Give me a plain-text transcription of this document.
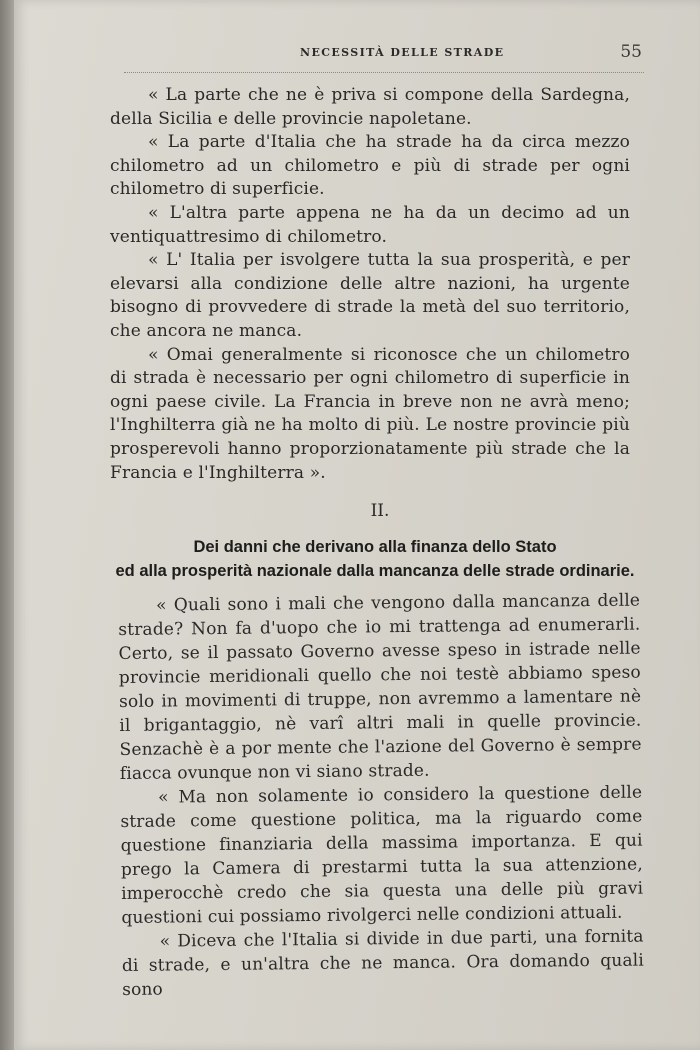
NECESSITÀ DELLE STRADE	55

« La parte che ne è priva si compone della Sardegna, della Sicilia e delle provincie napoletane.

« La parte d'Italia che ha strade ha da circa mezzo chilometro ad un chilometro e più di strade per ogni chilometro di superficie.

« L'altra parte appena ne ha da un decimo ad un ventiquattresimo di chilometro.

« L' Italia per isvolgere tutta la sua prosperità, e per elevarsi alla condizione delle altre nazioni, ha urgente bisogno di provvedere di strade la metà del suo territorio, che ancora ne manca.

« Omai generalmente si riconosce che un chilometro di strada è necessario per ogni chilometro di superficie in ogni paese civile. La Francia in breve non ne avrà meno; l'Inghilterra già ne ha molto di più. Le nostre provincie più prosperevoli hanno proporzionatamente più strade che la Francia e l'Inghilterra ».

II.
Dei danni che derivano alla finanza dello Stato
ed alla prosperità nazionale dalla mancanza delle strade ordinarie.

« Quali sono i mali che vengono dalla mancanza delle strade? Non fa d'uopo che io mi trattenga ad enumerarli. Certo, se il passato Governo avesse speso in istrade nelle provincie meridionali quello che noi testè abbiamo speso solo in movimenti di truppe, non avremmo a lamentare nè il brigantaggio, nè varî altri mali in quelle provincie. Senzachè è a por mente che l'azione del Governo è sempre fiacca ovunque non vi siano strade.

« Ma non solamente io considero la questione delle strade come questione politica, ma la riguardo come questione finanziaria della massima importanza. E qui prego la Camera di prestarmi tutta la sua attenzione, imperocchè credo che sia questa una delle più gravi questioni cui possiamo rivolgerci nelle condizioni attuali.

« Diceva che l'Italia si divide in due parti, una fornita di strade, e un'altra che ne manca. Ora domando quali sono
